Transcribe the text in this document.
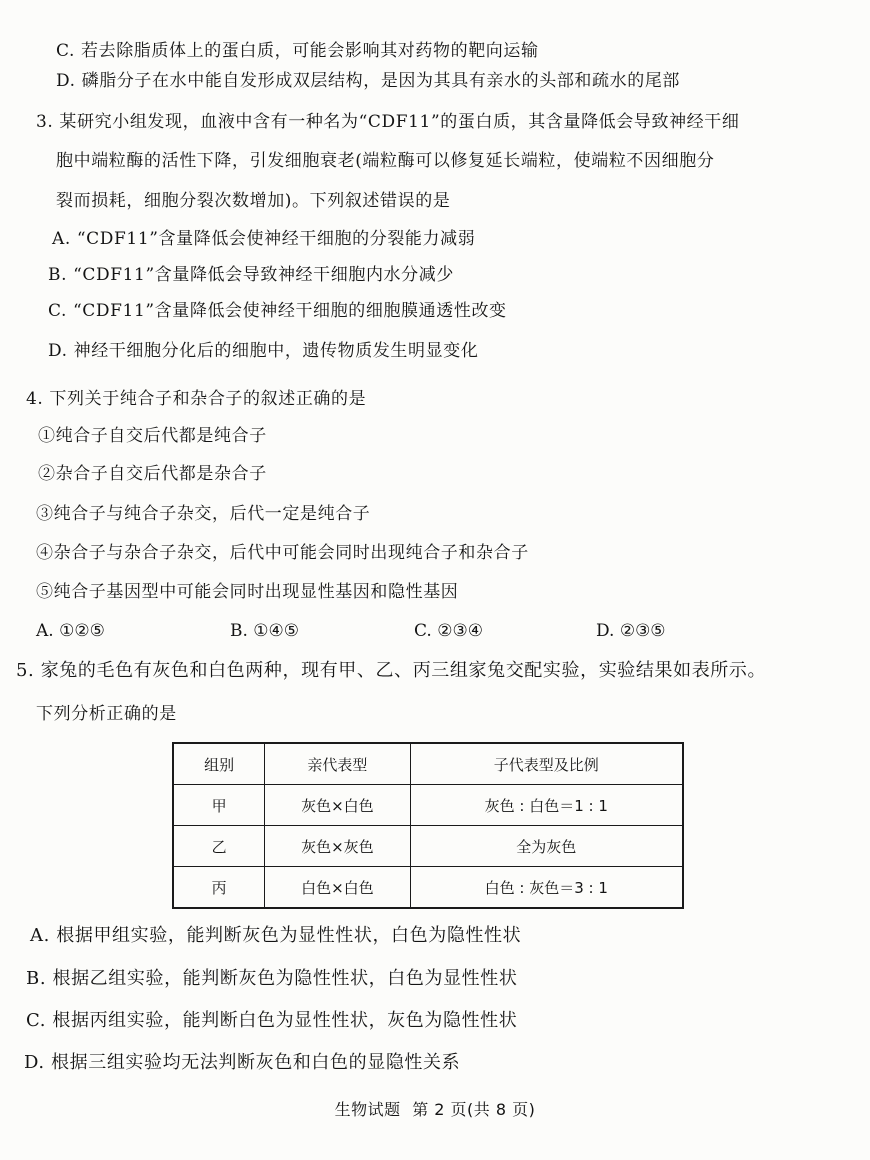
C. 若去除脂质体上的蛋白质，可能会影响其对药物的靶向运输
D. 磷脂分子在水中能自发形成双层结构，是因为其具有亲水的头部和疏水的尾部
3. 某研究小组发现，血液中含有一种名为“CDF11”的蛋白质，其含量降低会导致神经干细
胞中端粒酶的活性下降，引发细胞衰老(端粒酶可以修复延长端粒，使端粒不因细胞分
裂而损耗，细胞分裂次数增加)。下列叙述错误的是
A. “CDF11”含量降低会使神经干细胞的分裂能力减弱
B. “CDF11”含量降低会导致神经干细胞内水分减少
C. “CDF11”含量降低会使神经干细胞的细胞膜通透性改变
D. 神经干细胞分化后的细胞中，遗传物质发生明显变化
4. 下列关于纯合子和杂合子的叙述正确的是
①纯合子自交后代都是纯合子
②杂合子自交后代都是杂合子
③纯合子与纯合子杂交，后代一定是纯合子
④杂合子与杂合子杂交，后代中可能会同时出现纯合子和杂合子
⑤纯合子基因型中可能会同时出现显性基因和隐性基因
A. ①②⑤	B. ①④⑤	C. ②③④	D. ②③⑤
5. 家兔的毛色有灰色和白色两种，现有甲、乙、丙三组家兔交配实验，实验结果如表所示。
下列分析正确的是
组别	亲代表型	子代表型及比例
甲	灰色×白色	灰色 : 白色＝1 : 1
乙	灰色×灰色	全为灰色
丙	白色×白色	白色 : 灰色＝3 : 1
A. 根据甲组实验，能判断灰色为显性性状，白色为隐性性状
B. 根据乙组实验，能判断灰色为隐性性状，白色为显性性状
C. 根据丙组实验，能判断白色为显性性状，灰色为隐性性状
D. 根据三组实验均无法判断灰色和白色的显隐性关系
生物试题 第 2 页(共 8 页)
